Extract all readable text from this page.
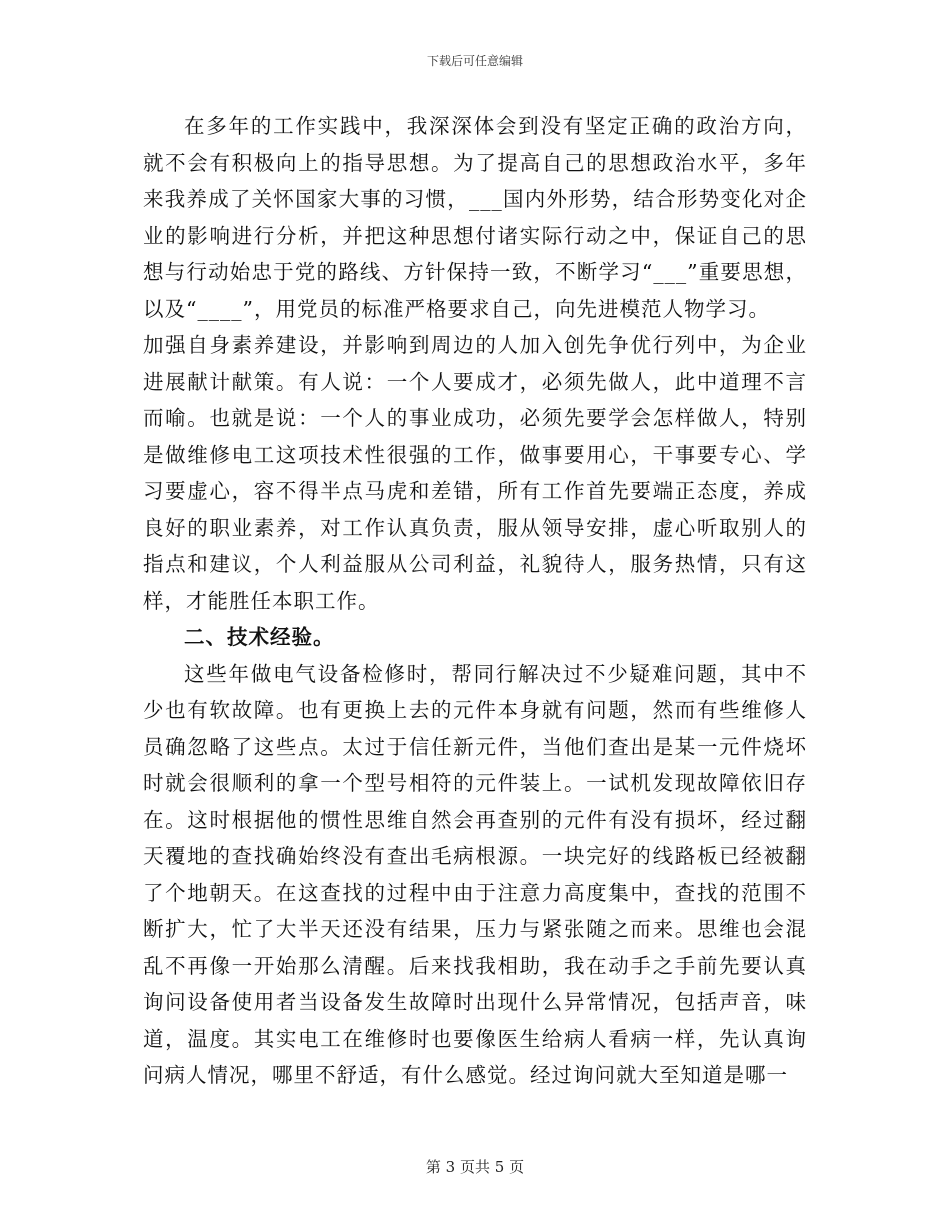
下载后可任意编辑

在多年的工作实践中，我深深体会到没有坚定正确的政治方向，就不会有积极向上的指导思想。为了提高自己的思想政治水平，多年来我养成了关怀国家大事的习惯，___国内外形势，结合形势变化对企业的影响进行分析，并把这种思想付诸实际行动之中，保证自己的思想与行动始忠于党的路线、方针保持一致，不断学习“___”重要思想，以及“____”，用党员的标准严格要求自己，向先进模范人物学习。

加强自身素养建设，并影响到周边的人加入创先争优行列中，为企业进展献计献策。有人说：一个人要成才，必须先做人，此中道理不言而喻。也就是说：一个人的事业成功，必须先要学会怎样做人，特别是做维修电工这项技术性很强的工作，做事要用心，干事要专心、学习要虚心，容不得半点马虎和差错，所有工作首先要端正态度，养成良好的职业素养，对工作认真负责，服从领导安排，虚心听取别人的指点和建议，个人利益服从公司利益，礼貌待人，服务热情，只有这样，才能胜任本职工作。

二、技术经验。

这些年做电气设备检修时，帮同行解决过不少疑难问题，其中不少也有软故障。也有更换上去的元件本身就有问题，然而有些维修人员确忽略了这些点。太过于信任新元件，当他们查出是某一元件烧坏时就会很顺利的拿一个型号相符的元件装上。一试机发现故障依旧存在。这时根据他的惯性思维自然会再查别的元件有没有损坏，经过翻天覆地的查找确始终没有查出毛病根源。一块完好的线路板已经被翻了个地朝天。在这查找的过程中由于注意力高度集中，查找的范围不断扩大，忙了大半天还没有结果，压力与紧张随之而来。思维也会混乱不再像一开始那么清醒。后来找我相助，我在动手之手前先要认真询问设备使用者当设备发生故障时出现什么异常情况，包括声音，味道，温度。其实电工在维修时也要像医生给病人看病一样，先认真询问病人情况，哪里不舒适，有什么感觉。经过询问就大至知道是哪一

第 3 页共 5 页
